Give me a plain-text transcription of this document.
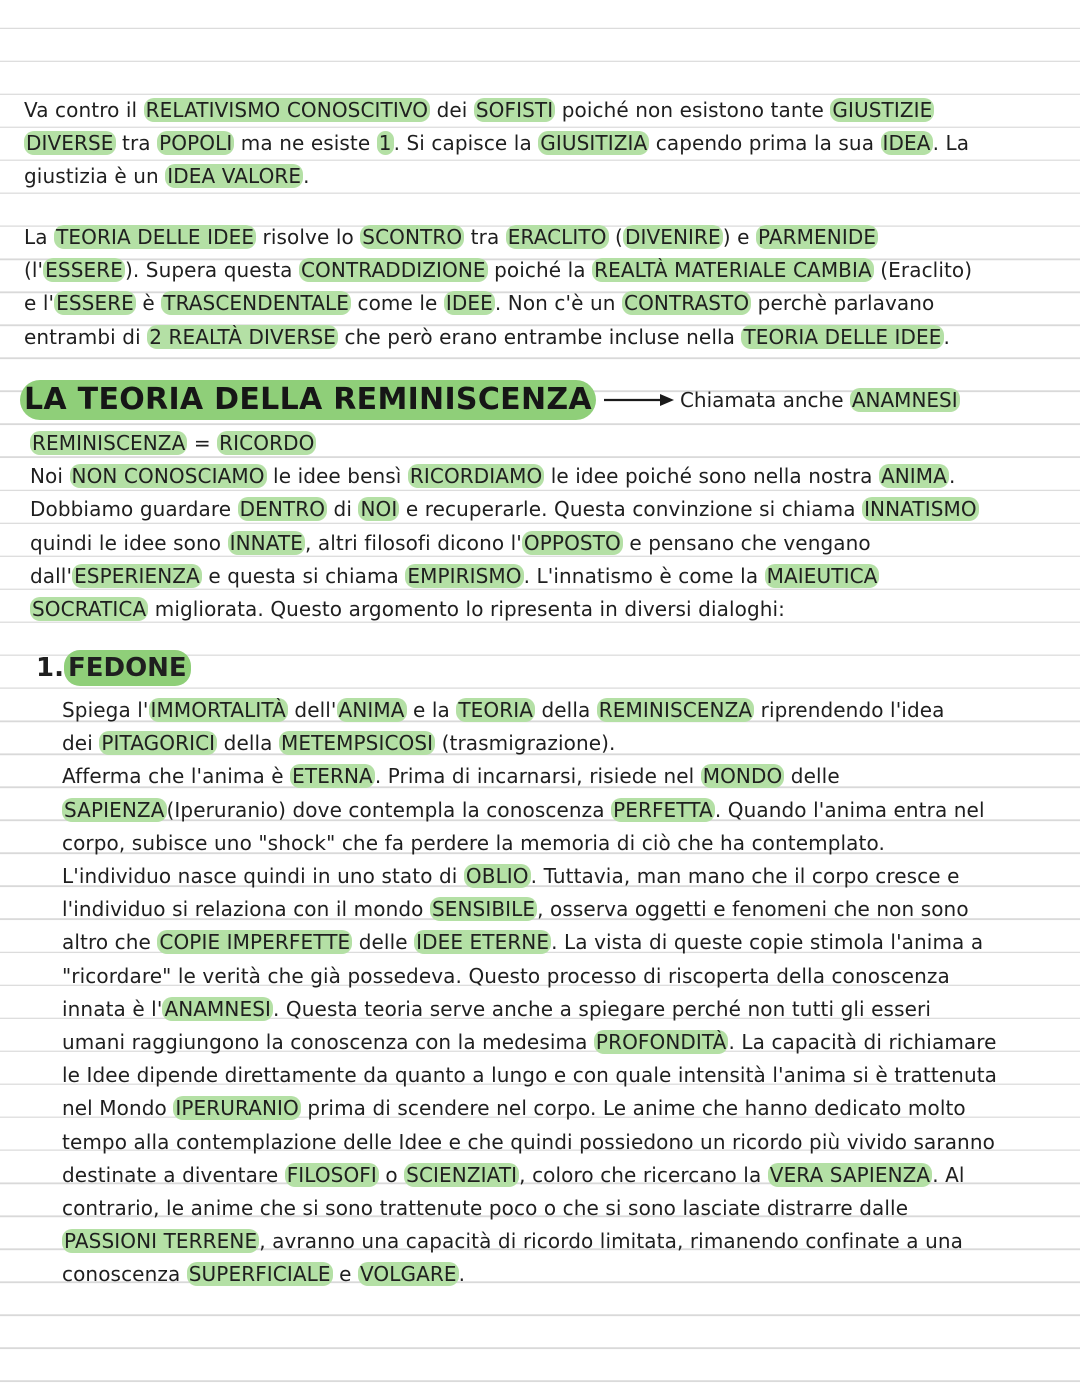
Va contro il RELATIVISMO CONOSCITIVO dei SOFISTI poiché non esistono tante GIUSTIZIE
DIVERSE tra POPOLI ma ne esiste 1 . Si capisce la GIUSITIZIA capendo prima la sua IDEA . La
giustizia è un IDEA VALORE .
La TEORIA DELLE IDEE risolve lo SCONTRO tra ERACLITO ( DIVENIRE ) e PARMENIDE
(l' ESSERE ). Supera questa CONTRADDIZIONE poiché la REALTÀ MATERIALE CAMBIA (Eraclito)
e l' ESSERE è TRASCENDENTALE come le IDEE . Non c'è un CONTRASTO perchè parlavano
entrambi di 2 REALTÀ DIVERSE che però erano entrambe incluse nella TEORIA DELLE IDEE .
LA TEORIA DELLA REMINISCENZA	Chiamata anche ANAMNESI
REMINISCENZA = RICORDO
Noi NON CONOSCIAMO le idee bensì RICORDIAMO le idee poiché sono nella nostra ANIMA .
Dobbiamo guardare DENTRO di NOI e recuperarle. Questa convinzione si chiama INNATISMO
quindi le idee sono INNATE , altri filosofi dicono l' OPPOSTO e pensano che vengano
dall' ESPERIENZA e questa si chiama EMPIRISMO . L'innatismo è come la MAIEUTICA
SOCRATICA migliorata. Questo argomento lo ripresenta in diversi dialoghi:
1. FEDONE
Spiega l' IMMORTALITÀ dell' ANIMA e la TEORIA della REMINISCENZA riprendendo l'idea
dei PITAGORICI della METEMPSICOSI (trasmigrazione).
Afferma che l'anima è ETERNA . Prima di incarnarsi, risiede nel MONDO delle
SAPIENZA (Iperuranio) dove contempla la conoscenza PERFETTA . Quando l'anima entra nel
corpo, subisce uno "shock" che fa perdere la memoria di ciò che ha contemplato.
L'individuo nasce quindi in uno stato di OBLIO . Tuttavia, man mano che il corpo cresce e
l'individuo si relaziona con il mondo SENSIBILE , osserva oggetti e fenomeni che non sono
altro che COPIE IMPERFETTE delle IDEE ETERNE . La vista di queste copie stimola l'anima a
"ricordare" le verità che già possedeva. Questo processo di riscoperta della conoscenza
innata è l' ANAMNESI . Questa teoria serve anche a spiegare perché non tutti gli esseri
umani raggiungono la conoscenza con la medesima PROFONDITÀ . La capacità di richiamare
le Idee dipende direttamente da quanto a lungo e con quale intensità l'anima si è trattenuta
nel Mondo IPERURANIO prima di scendere nel corpo. Le anime che hanno dedicato molto
tempo alla contemplazione delle Idee e che quindi possiedono un ricordo più vivido saranno
destinate a diventare FILOSOFI o SCIENZIATI , coloro che ricercano la VERA SAPIENZA . Al
contrario, le anime che si sono trattenute poco o che si sono lasciate distrarre dalle
PASSIONI TERRENE , avranno una capacità di ricordo limitata, rimanendo confinate a una
conoscenza SUPERFICIALE e VOLGARE .
